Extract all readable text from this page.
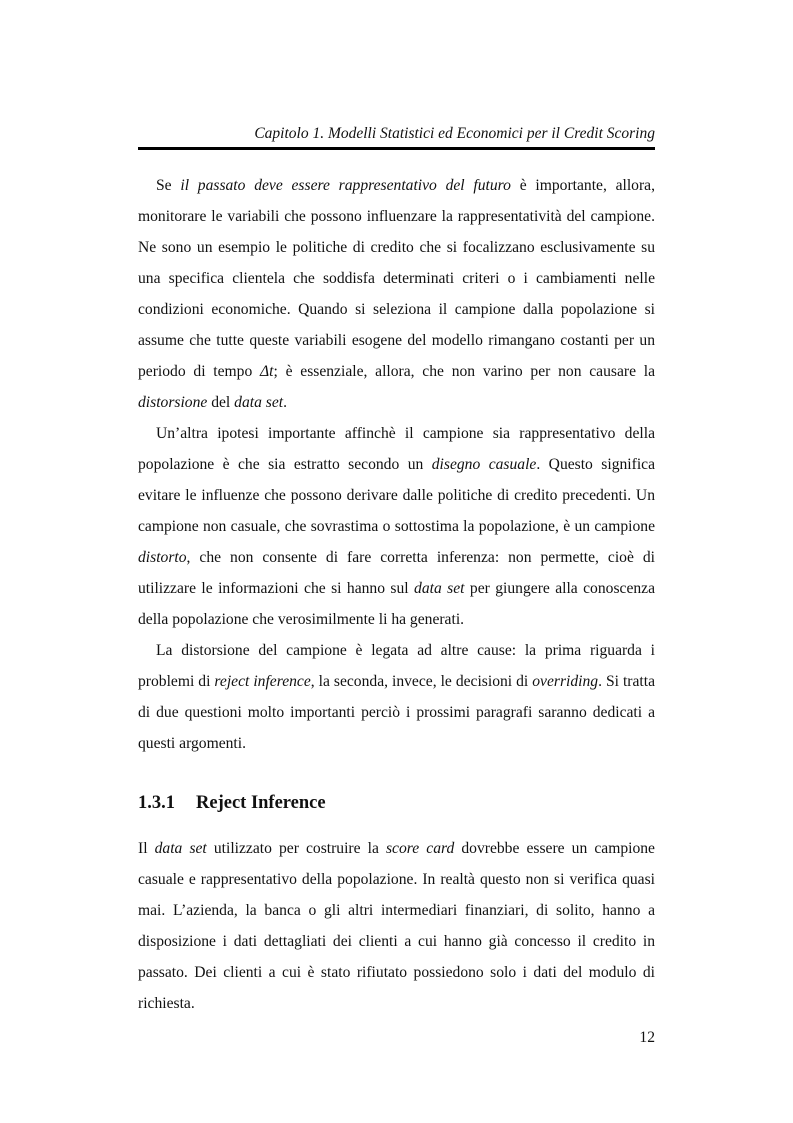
Capitolo 1. Modelli Statistici ed Economici per il Credit Scoring

Se il passato deve essere rappresentativo del futuro è importante, allora, monitorare le variabili che possono influenzare la rappresentatività del campione. Ne sono un esempio le politiche di credito che si focalizzano esclusivamente su una specifica clientela che soddisfa determinati criteri o i cambiamenti nelle condizioni economiche. Quando si seleziona il campione dalla popolazione si assume che tutte queste variabili esogene del modello rimangano costanti per un periodo di tempo Δt; è essenziale, allora, che non varino per non causare la distorsione del data set.

Un’altra ipotesi importante affinchè il campione sia rappresentativo della popolazione è che sia estratto secondo un disegno casuale. Questo significa evitare le influenze che possono derivare dalle politiche di credito precedenti. Un campione non casuale, che sovrastima o sottostima la popolazione, è un campione distorto, che non consente di fare corretta inferenza: non permette, cioè di utilizzare le informazioni che si hanno sul data set per giungere alla conoscenza della popolazione che verosimilmente li ha generati.

La distorsione del campione è legata ad altre cause: la prima riguarda i problemi di reject inference, la seconda, invece, le decisioni di overriding. Si tratta di due questioni molto importanti perciò i prossimi paragrafi saranno dedicati a questi argomenti.

1.3.1	Reject Inference

Il data set utilizzato per costruire la score card dovrebbe essere un campione casuale e rappresentativo della popolazione. In realtà questo non si verifica quasi mai. L’azienda, la banca o gli altri intermediari finanziari, di solito, hanno a disposizione i dati dettagliati dei clienti a cui hanno già concesso il credito in passato. Dei clienti a cui è stato rifiutato possiedono solo i dati del modulo di richiesta.

12
